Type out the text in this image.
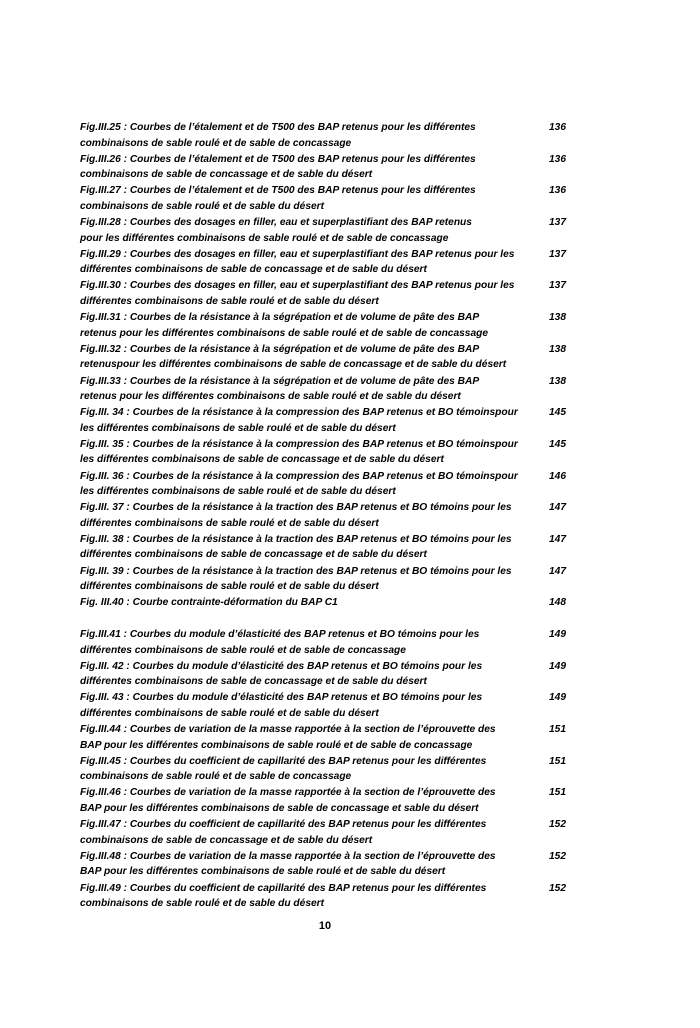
Fig.III.25 : Courbes de l’étalement et de T500 des BAP retenus pour les différentes
combinaisons de sable roulé et de sable de concassage
136
Fig.III.26 : Courbes de l’étalement et de T500 des BAP retenus pour les différentes
combinaisons de sable de concassage et de sable du désert
136
Fig.III.27 : Courbes de l’étalement et de T500 des BAP retenus pour les différentes
combinaisons de sable roulé et de sable du désert
136
Fig.III.28 : Courbes des dosages en filler, eau et superplastifiant des BAP retenus
pour les différentes combinaisons de sable roulé et de sable de concassage
137
Fig.III.29 : Courbes des dosages en filler, eau et superplastifiant des BAP retenus pour les
différentes combinaisons de sable de concassage et de sable du désert
137
Fig.III.30 : Courbes des dosages en filler, eau et superplastifiant des BAP retenus pour les
différentes combinaisons de sable roulé et de sable du désert
137
Fig.III.31 : Courbes de la résistance à la ségrépation et de volume de pâte des BAP
retenus pour les différentes combinaisons de sable roulé et de sable de concassage
138
Fig.III.32 : Courbes de la résistance à la ségrépation et de volume de pâte des BAP
retenuspour les différentes combinaisons de sable de concassage et de sable du désert
138
Fig.III.33 : Courbes de la résistance à la ségrépation et de volume de pâte des BAP
retenus pour les différentes combinaisons de sable roulé et de sable du désert
138
Fig.III. 34 : Courbes de la résistance à la compression des BAP retenus et BO témoinspour
les différentes combinaisons de sable roulé et de sable du désert
145
Fig.III. 35 : Courbes de la résistance à la compression des BAP retenus et BO témoinspour
les différentes combinaisons de sable de concassage et de sable du désert
145
Fig.III. 36 : Courbes de la résistance à la compression des BAP retenus et BO témoinspour
les différentes combinaisons de sable roulé et de sable du désert
146
Fig.III. 37 : Courbes de la résistance à la traction des BAP retenus et BO témoins pour les
différentes combinaisons de sable roulé et de sable du désert
147
Fig.III. 38 : Courbes de la résistance à la traction des BAP retenus et BO témoins pour les
différentes combinaisons de sable de concassage et de sable du désert
147
Fig.III. 39 : Courbes de la résistance à la traction des BAP retenus et BO témoins pour les
différentes combinaisons de sable roulé et de sable du désert
147
Fig. III.40 : Courbe contrainte-déformation du BAP C1	148
Fig.III.41 : Courbes du module d’élasticité des BAP retenus et BO témoins pour les
différentes combinaisons de sable roulé et de sable de concassage
149
Fig.III. 42 : Courbes du module d’élasticité des BAP retenus et BO témoins pour les
différentes combinaisons de sable de concassage et de sable du désert
149
Fig.III. 43 : Courbes du module d’élasticité des BAP retenus et BO témoins pour les
différentes combinaisons de sable roulé et de sable du désert
149
Fig.III.44 : Courbes de variation de la masse rapportée à la section de l’éprouvette des
BAP pour les différentes combinaisons de sable roulé et de sable de concassage
151
Fig.III.45 : Courbes du coefficient de capillarité des BAP retenus pour les différentes
combinaisons de sable roulé et de sable de concassage
151
Fig.III.46 : Courbes de variation de la masse rapportée à la section de l’éprouvette des
BAP pour les différentes combinaisons de sable de concassage et sable du désert
151
Fig.III.47 : Courbes du coefficient de capillarité des BAP retenus pour les différentes
combinaisons de sable de concassage et de sable du désert
152
Fig.III.48 : Courbes de variation de la masse rapportée à la section de l’éprouvette des
BAP pour les différentes combinaisons de sable roulé et de sable du désert
152
Fig.III.49 : Courbes du coefficient de capillarité des BAP retenus pour les différentes
combinaisons de sable roulé et de sable du désert
152
10
